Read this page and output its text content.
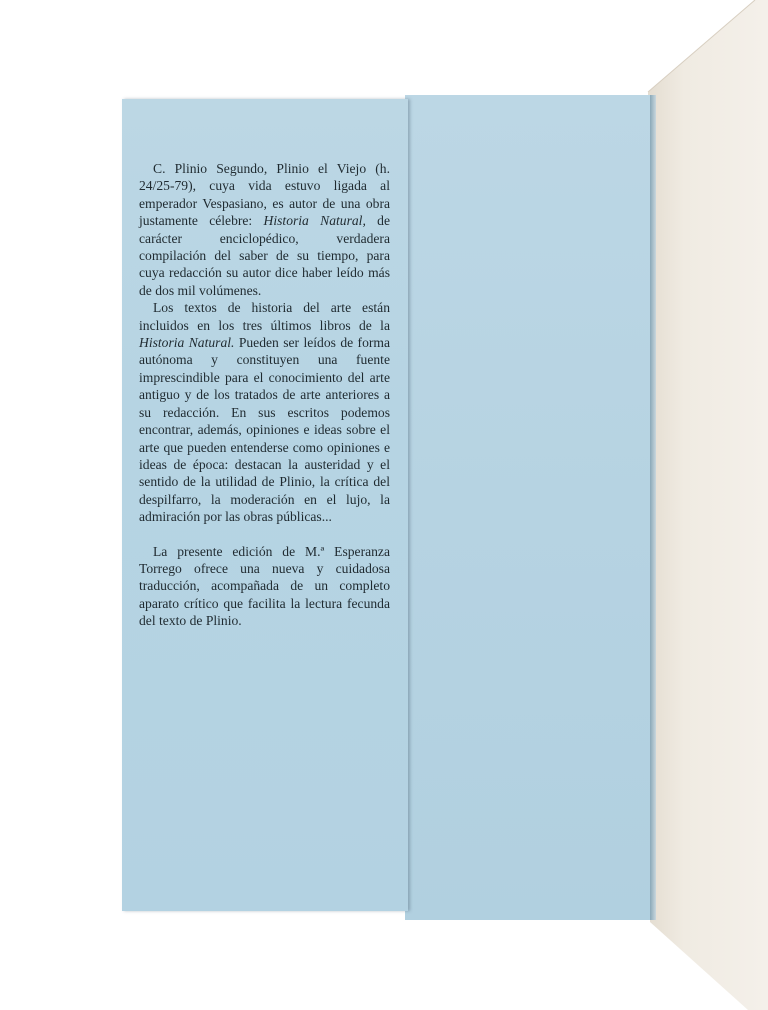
C. Plinio Segundo, Plinio el Viejo (h. 24/25-79), cuya vida estuvo ligada al emperador Vespasiano, es autor de una obra justamente célebre: Historia Natural, de carácter enciclopédico, verdadera compilación del saber de su tiempo, para cuya redacción su autor dice haber leído más de dos mil volúmenes.

Los textos de historia del arte están incluidos en los tres últimos libros de la Historia Natural. Pueden ser leídos de forma autónoma y constituyen una fuente imprescindible para el conocimiento del arte antiguo y de los tratados de arte anteriores a su redacción. En sus escritos podemos encontrar, además, opiniones e ideas sobre el arte que pueden entenderse como opiniones e ideas de época: destacan la austeridad y el sentido de la utilidad de Plinio, la crítica del despilfarro, la moderación en el lujo, la admiración por las obras públicas...

La presente edición de M.ª Esperanza Torrego ofrece una nueva y cuidadosa traducción, acompañada de un completo aparato crítico que facilita la lectura fecunda del texto de Plinio.
